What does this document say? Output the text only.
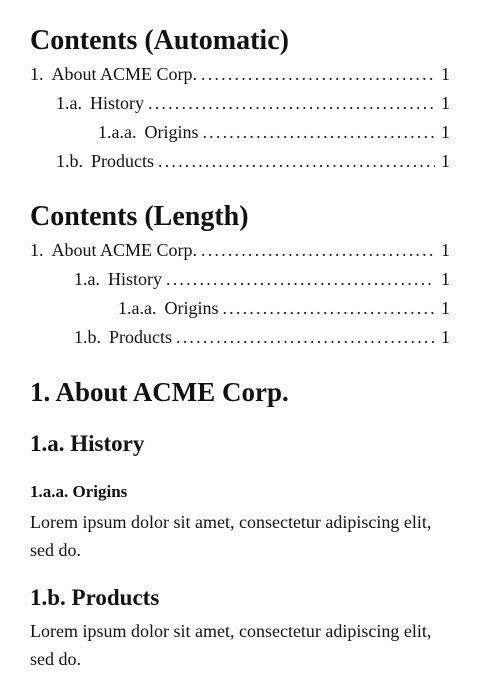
Contents (Automatic)
1. About ACME Corp. .....	1
1.a. History .....	1
1.a.a. Origins .....	1
1.b. Products .....	1
Contents (Length)
1. About ACME Corp. .....	1
1.a. History .....	1
1.a.a. Origins .....	1
1.b. Products .....	1
1. About ACME Corp.
1.a. History
1.a.a. Origins

Lorem ipsum dolor sit amet, consectetur adipiscing elit, sed do.

1.b. Products

Lorem ipsum dolor sit amet, consectetur adipiscing elit, sed do.
